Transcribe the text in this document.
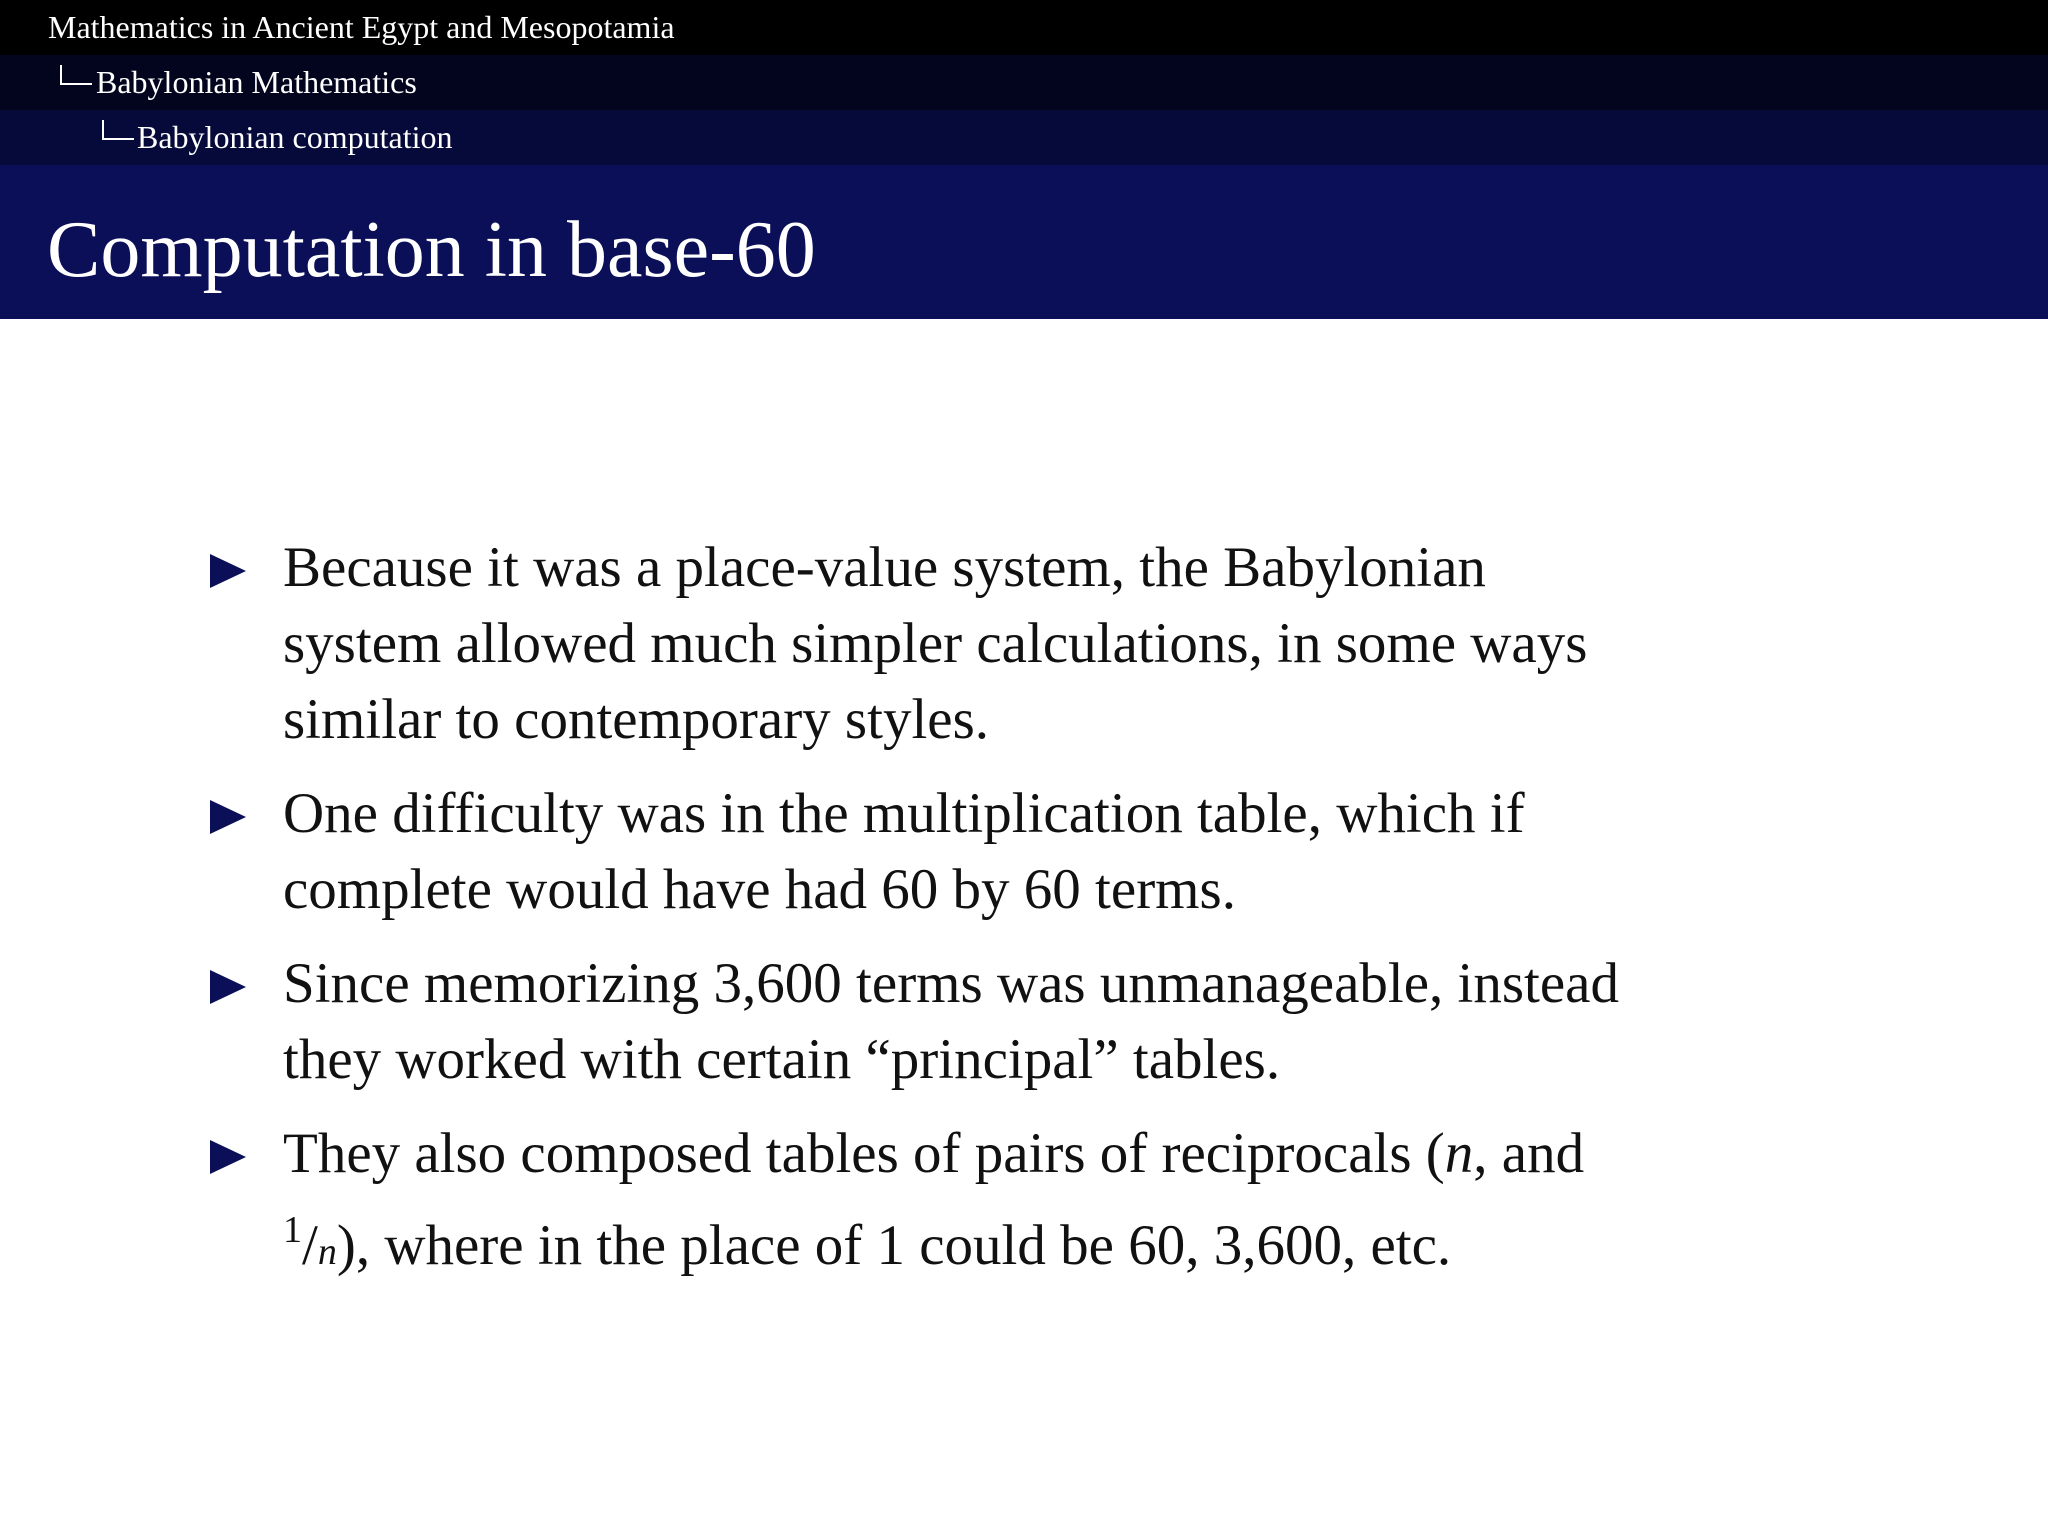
Mathematics in Ancient Egypt and Mesopotamia
Babylonian Mathematics
Babylonian computation
Computation in base-60
Because it was a place-value system, the Babylonian
system allowed much simpler calculations, in some ways
similar to contemporary styles.
One difficulty was in the multiplication table, which if
complete would have had 60 by 60 terms.
Since memorizing 3,600 terms was unmanageable, instead
they worked with certain “principal” tables.
They also composed tables of pairs of reciprocals (n, and
$^1$/n), where in the place of 1 could be 60, 3,600, etc.
